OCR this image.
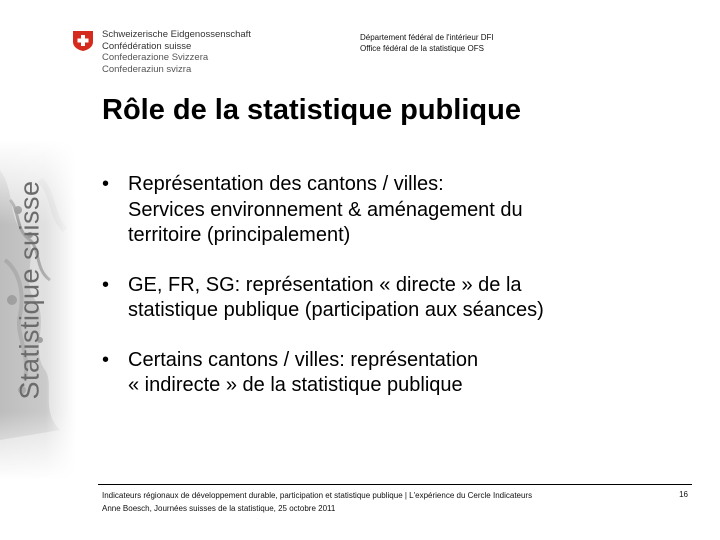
Schweizerische Eidgenossenschaft
Confédération suisse
Confederazione Svizzera
Confederaziun svizra
Département fédéral de l'intérieur DFI
Office fédéral de la statistique OFS
Statistique suisse
Rôle de la statistique publique
• Représentation des cantons / villes:
Services environnement & aménagement du
territoire (principalement)
• GE, FR, SG: représentation « directe » de la
statistique publique (participation aux séances)
• Certains cantons / villes: représentation
« indirecte » de la statistique publique
Indicateurs régionaux de développement durable, participation et statistique publique | L'expérience du Cercle Indicateurs
Anne Boesch, Journées suisses de la statistique, 25 octobre 2011
16
